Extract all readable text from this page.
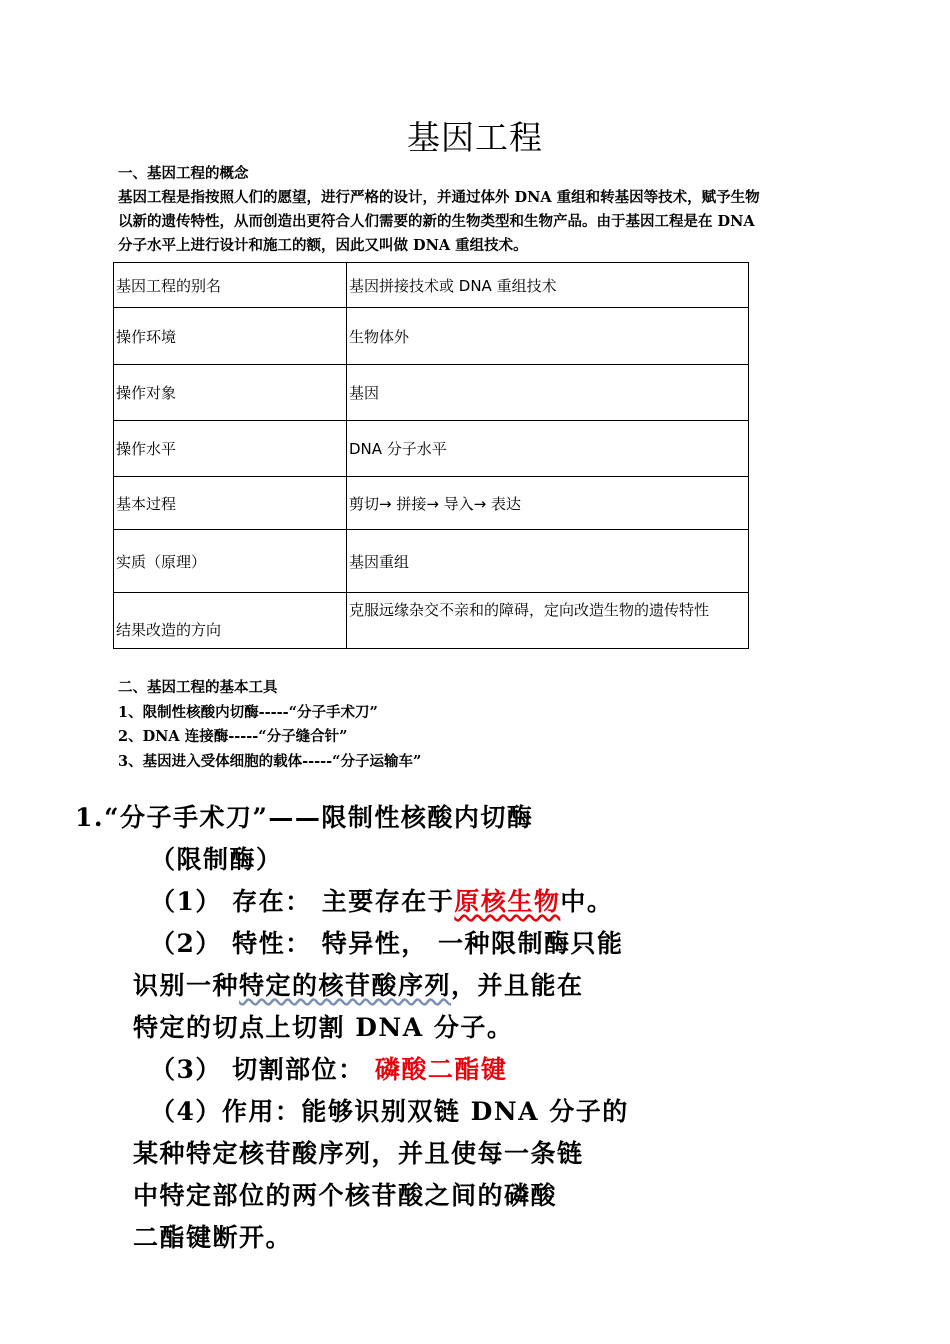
基因工程
一、基因工程的概念
基因工程是指按照人们的愿望，进行严格的设计，并通过体外 DNA 重组和转基因等技术，赋予生物
以新的遗传特性，从而创造出更符合人们需要的新的生物类型和生物产品。由于基因工程是在 DNA
分子水平上进行设计和施工的额，因此又叫做 DNA 重组技术。
基因工程的别名	基因拼接技术或 DNA 重组技术
操作环境	生物体外
操作对象	基因
操作水平	DNA 分子水平
基本过程	剪切→ 拼接→ 导入→ 表达
实质（原理）	基因重组
结果改造的方向	克服远缘杂交不亲和的障碍，定向改造生物的遗传特性
二、基因工程的基本工具
1、限制性核酸内切酶-----“分子手术刀”
2、DNA 连接酶-----“分子缝合针”
3、基因进入受体细胞的载体-----“分子运输车”
1.“分子手术刀”——限制性核酸内切酶
（限制酶）
（1） 存在： 主要存在于原核生物中。
（2） 特性： 特异性， 一种限制酶只能
识别一种特定的核苷酸序列，并且能在
特定的切点上切割 DNA 分子。
（3） 切割部位： 磷酸二酯键
（4）作用：能够识别双链 DNA 分子的
某种特定核苷酸序列，并且使每一条链
中特定部位的两个核苷酸之间的磷酸
二酯键断开。
